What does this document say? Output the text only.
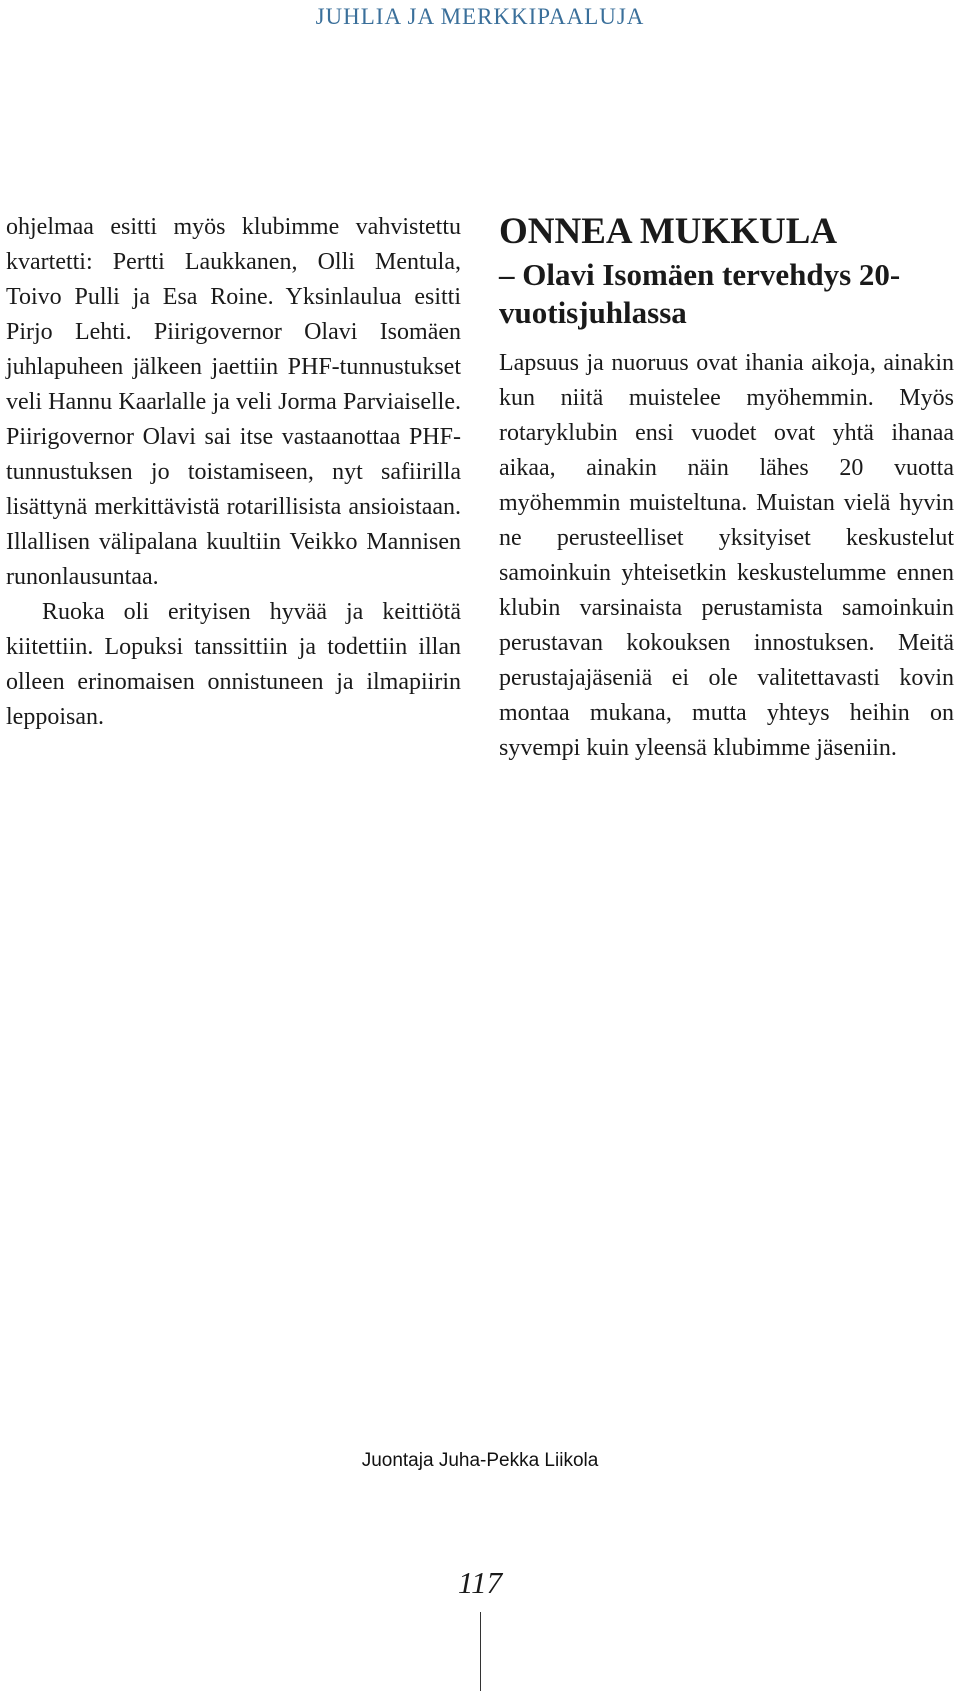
JUHLIA JA MERKKIPAALUJA

ohjelmaa esitti myös klubimme vahvistettu kvartetti: Pertti Laukkanen, Olli Mentula, Toivo Pulli ja Esa Roine. Yksinlaulua esitti Pirjo Lehti. Piirigovernor Olavi Isomäen juhlapuheen jälkeen jaettiin PHF-tunnustukset veli Hannu Kaarlalle ja veli Jorma Parviaiselle. Piirigovernor Olavi sai itse vastaanottaa PHF-tunnustuksen jo toistamiseen, nyt safiirilla lisättynä merkittävistä rotarillisista ansioistaan. Illallisen välipalana kuultiin Veikko Mannisen runonlausuntaa.

Ruoka oli erityisen hyvää ja keittiötä kiitettiin. Lopuksi tanssittiin ja todettiin illan olleen erinomaisen onnistuneen ja ilmapiirin leppoisan.

ONNEA MUKKULA
– Olavi Isomäen tervehdys 20-vuotisjuhlassa

Lapsuus ja nuoruus ovat ihania aikoja, ainakin kun niitä muistelee myöhemmin. Myös rotaryklubin ensi vuodet ovat yhtä ihanaa aikaa, ainakin näin lähes 20 vuotta myöhemmin muisteltuna. Muistan vielä hyvin ne perusteelliset yksityiset keskustelut samoinkuin yhteisetkin keskustelumme ennen klubin varsinaista perustamista samoinkuin perustavan kokouksen innostuksen. Meitä perustajajäseniä ei ole valitettavasti kovin montaa mukana, mutta yhteys heihin on syvempi kuin yleensä klubimme jäseniin.

Juontaja Juha-Pekka Liikola
117
